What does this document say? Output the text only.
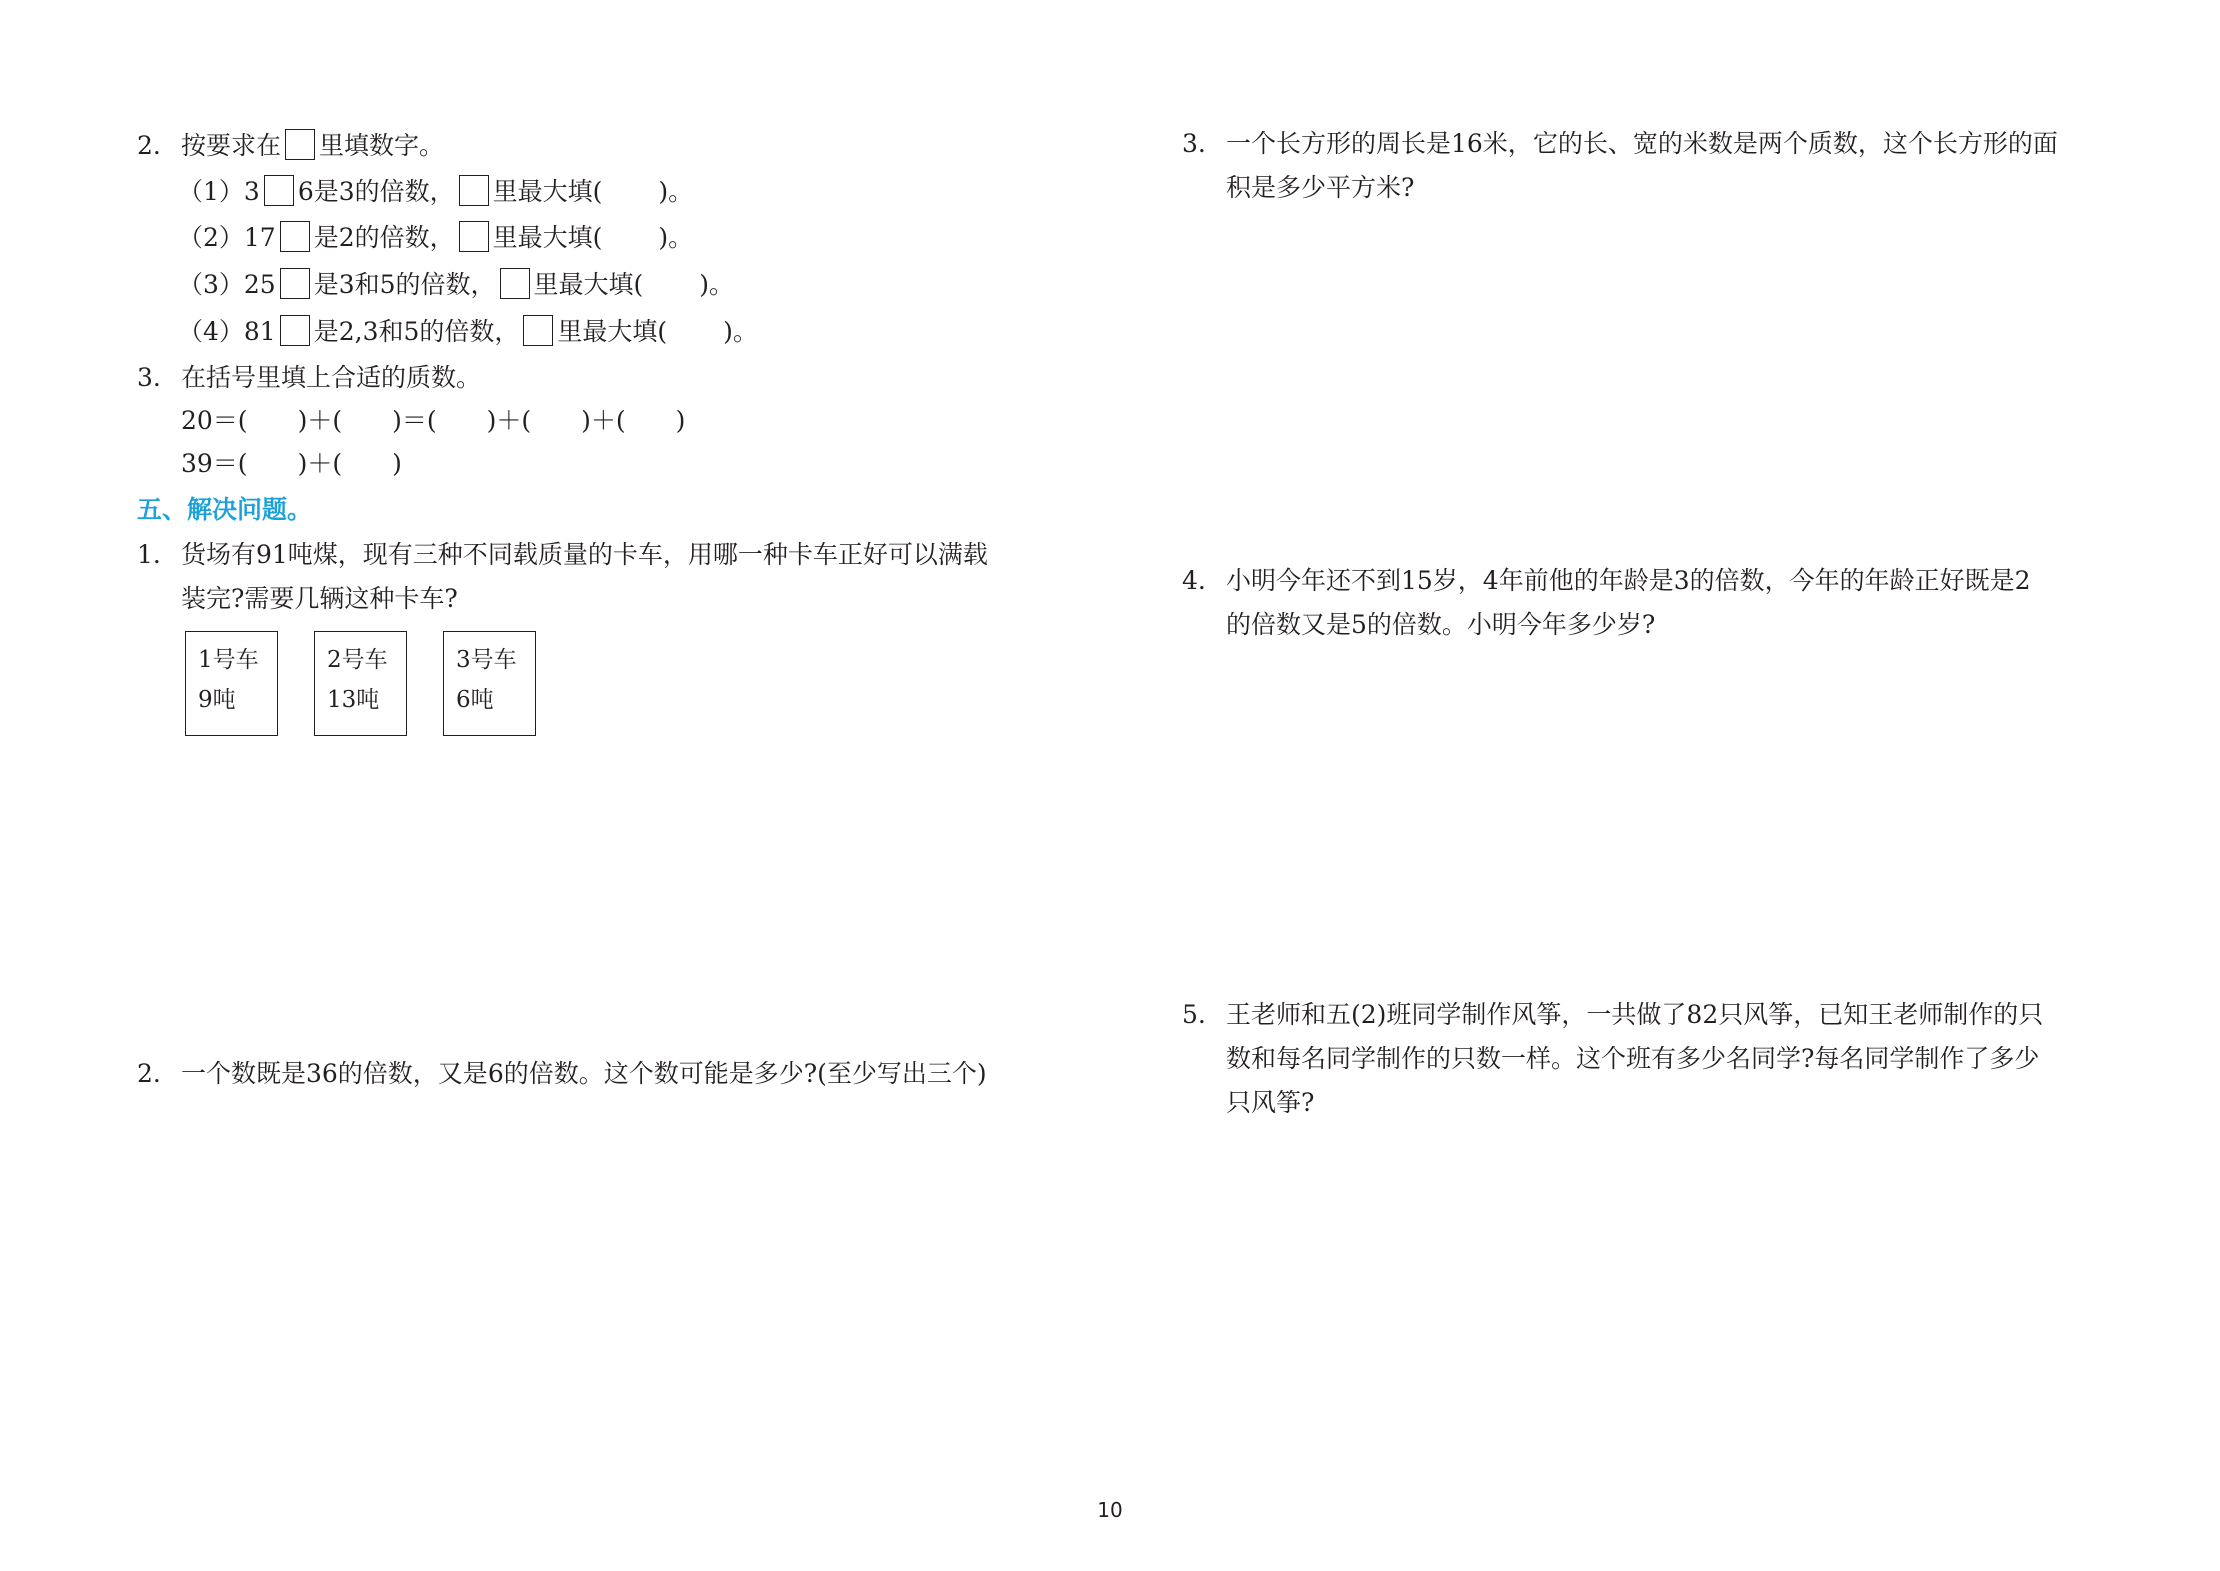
2. 按要求在 里填数字。
（1）3 6是3的倍数， 里最大填( )。
（2）17 是2的倍数， 里最大填( )。
（3）25 是3和5的倍数， 里最大填( )。
（4）81 是2,3和5的倍数， 里最大填( )。
3. 在括号里填上合适的质数。
20＝(　　)＋(　　)＝(　　)＋(　　)＋(　　)
39＝(　　)＋(　　)
五、解决问题。
1. 货场有91吨煤，现有三种不同载质量的卡车，用哪一种卡车正好可以满载
装完?需要几辆这种卡车?
1号车
9吨
2号车
13吨
3号车
6吨
2. 一个数既是36的倍数，又是6的倍数。这个数可能是多少?(至少写出三个)
3. 一个长方形的周长是16米，它的长、宽的米数是两个质数，这个长方形的面
积是多少平方米?
4. 小明今年还不到15岁，4年前他的年龄是3的倍数，今年的年龄正好既是2
的倍数又是5的倍数。小明今年多少岁?
5. 王老师和五(2)班同学制作风筝，一共做了82只风筝，已知王老师制作的只
数和每名同学制作的只数一样。这个班有多少名同学?每名同学制作了多少
只风筝?
10
